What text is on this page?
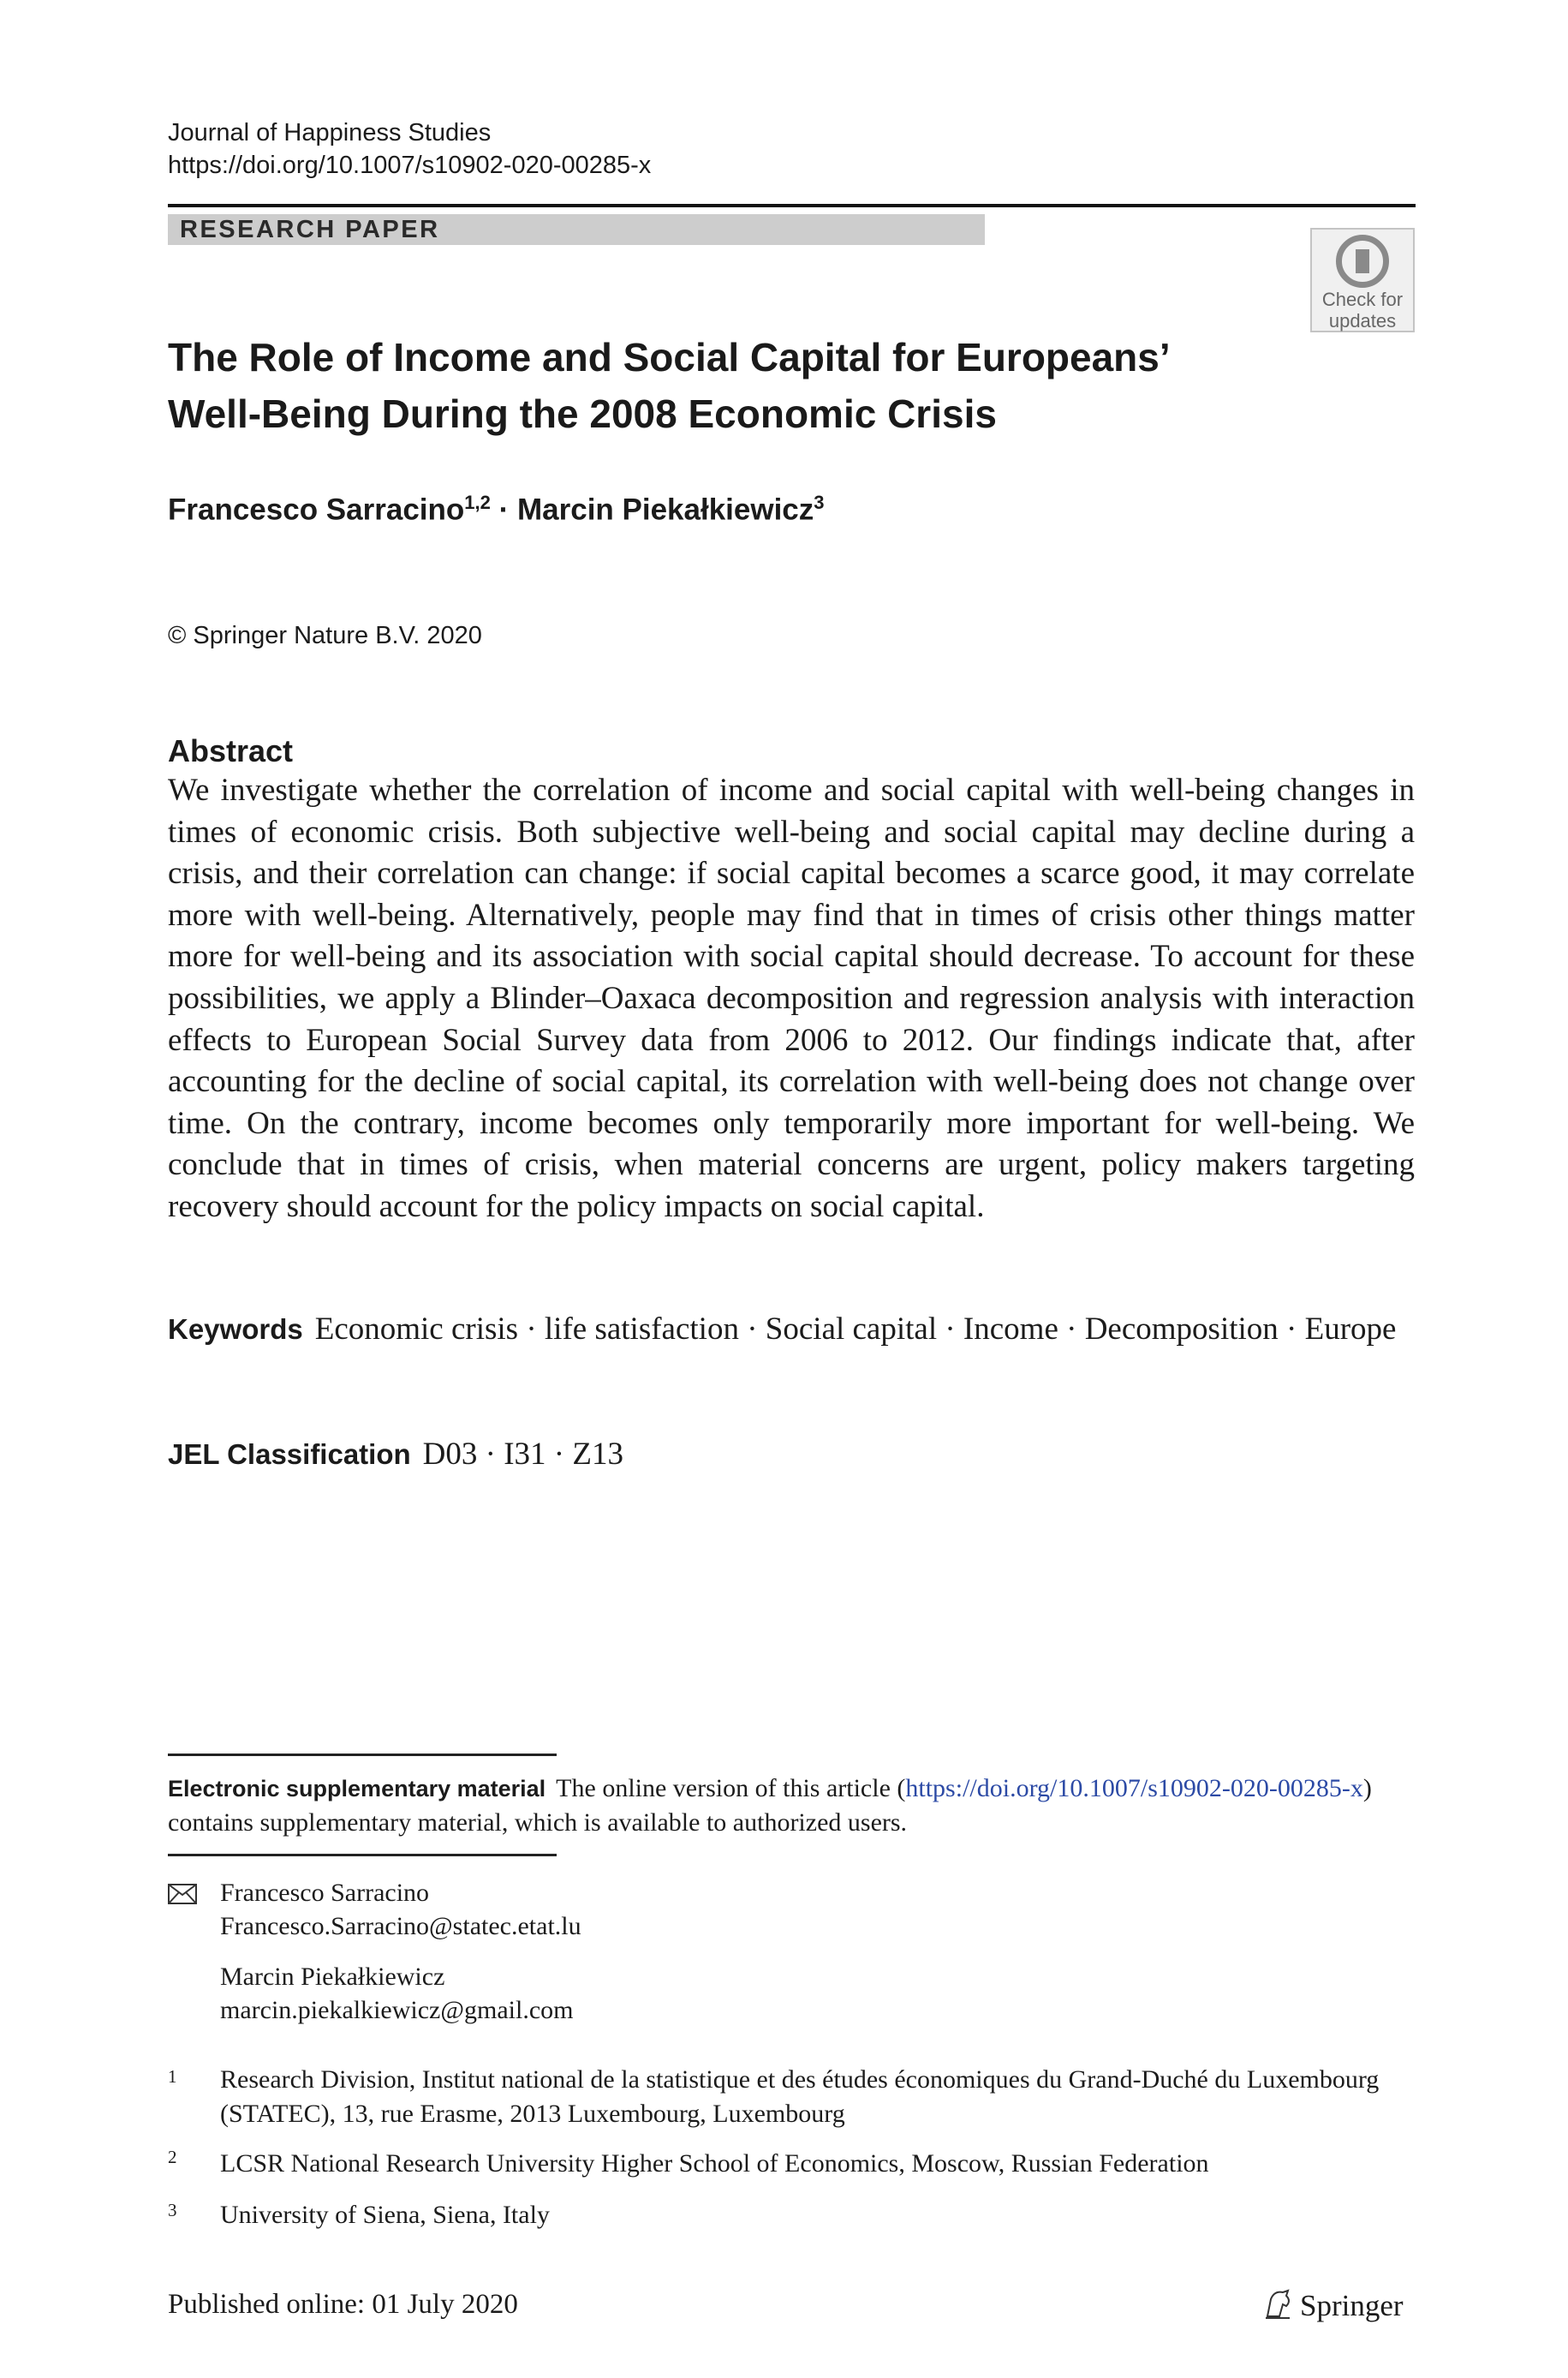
Journal of Happiness Studies
https://doi.org/10.1007/s10902-020-00285-x
RESEARCH PAPER
Check for
updates
The Role of Income and Social Capital for Europeans’
Well-Being During the 2008 Economic Crisis
Francesco Sarracino$^{1,2}$ · Marcin Piekałkiewicz$^3$
© Springer Nature B.V. 2020
Abstract

We investigate whether the correlation of income and social capital with well-being changes in times of economic crisis. Both subjective well-being and social capital may decline during a crisis, and their correlation can change: if social capital becomes a scarce good, it may correlate more with well-being. Alternatively, people may find that in times of crisis other things matter more for well-being and its association with social capital should decrease. To account for these possibilities, we apply a Blinder–Oaxaca decomposition and regression analysis with interaction effects to European Social Survey data from 2006 to 2012. Our findings indicate that, after accounting for the decline of social capital, its correlation with well-being does not change over time. On the contrary, income becomes only temporarily more important for well-being. We conclude that in times of crisis, when material concerns are urgent, policy makers targeting recovery should account for the policy impacts on social capital.

Keywords Economic crisis · life satisfaction · Social capital · Income · Decomposition · Europe
JEL Classification D03 · I31 · Z13
Electronic supplementary material The online version of this article (https://doi.org/10.1007/s10902-020-00285-x) contains supplementary material, which is available to authorized users.
Francesco Sarracino
Francesco.Sarracino@statec.etat.lu
Marcin Piekałkiewicz
marcin.piekalkiewicz@gmail.com
1 Research Division, Institut national de la statistique et des études économiques du Grand-Duché du Luxembourg (STATEC), 13, rue Erasme, 2013 Luxembourg, Luxembourg
2 LCSR National Research University Higher School of Economics, Moscow, Russian Federation
3 University of Siena, Siena, Italy
Published online: 01 July 2020	Springer
